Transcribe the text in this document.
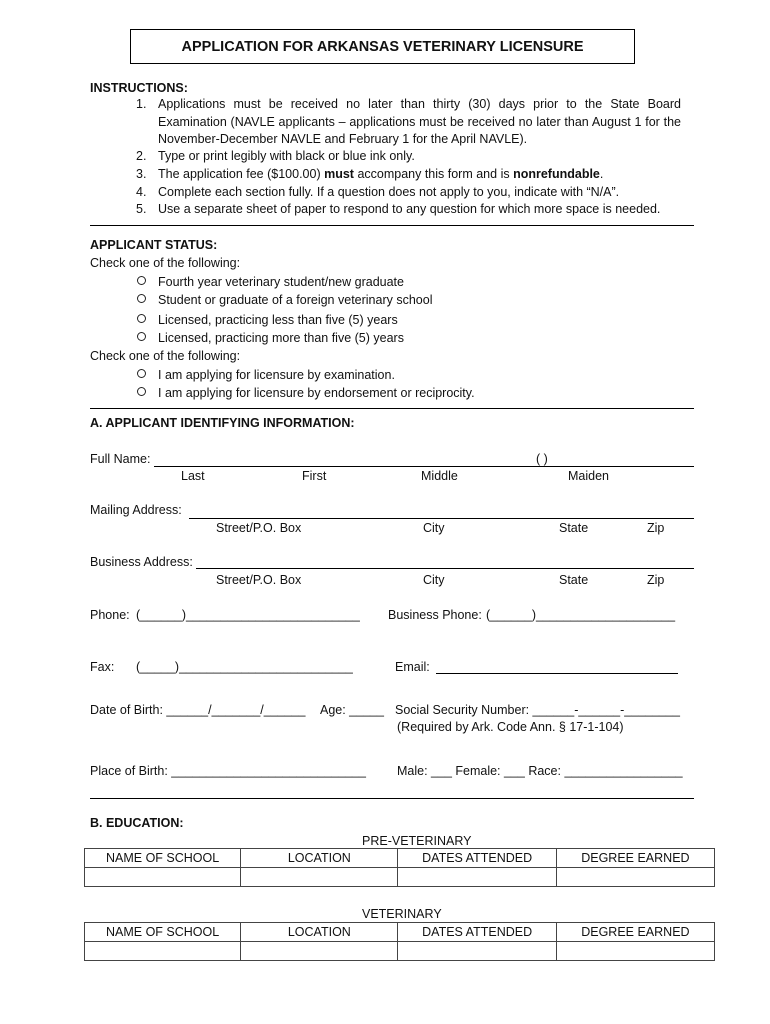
APPLICATION FOR ARKANSAS VETERINARY LICENSURE
INSTRUCTIONS:
1. Applications must be received no later than thirty (30) days prior to the State Board Examination (NAVLE applicants – applications must be received no later than August 1 for the November-December NAVLE and February 1 for the April NAVLE).
2. Type or print legibly with black or blue ink only.
3. The application fee ($100.00) must accompany this form and is nonrefundable.
4. Complete each section fully. If a question does not apply to you, indicate with “N/A”.
5. Use a separate sheet of paper to respond to any question for which more space is needed.
APPLICANT STATUS:
Check one of the following:
Fourth year veterinary student/new graduate
Student or graduate of a foreign veterinary school
Licensed, practicing less than five (5) years
Licensed, practicing more than five (5) years
Check one of the following:
I am applying for licensure by examination.
I am applying for licensure by endorsement or reciprocity.
A. APPLICANT IDENTIFYING INFORMATION:
Full Name:	( )
Last	First	Middle	Maiden
Mailing Address:
Street/P.O. Box	City	State	Zip
Business Address:
Street/P.O. Box	City	State	Zip
Phone: (______)_________________________ Business Phone: (______)____________________
Fax: (_____)_________________________	Email:
Date of Birth: ______/_______/______ Age: _____ Social Security Number: ______-______-________
(Required by Ark. Code Ann. § 17-1-104)
Place of Birth: ____________________________ Male: ___ Female: ___ Race: _________________
B. EDUCATION:
PRE-VETERINARY
NAME OF SCHOOL	LOCATION	DATES ATTENDED	DEGREE EARNED

VETERINARY
NAME OF SCHOOL	LOCATION	DATES ATTENDED	DEGREE EARNED
